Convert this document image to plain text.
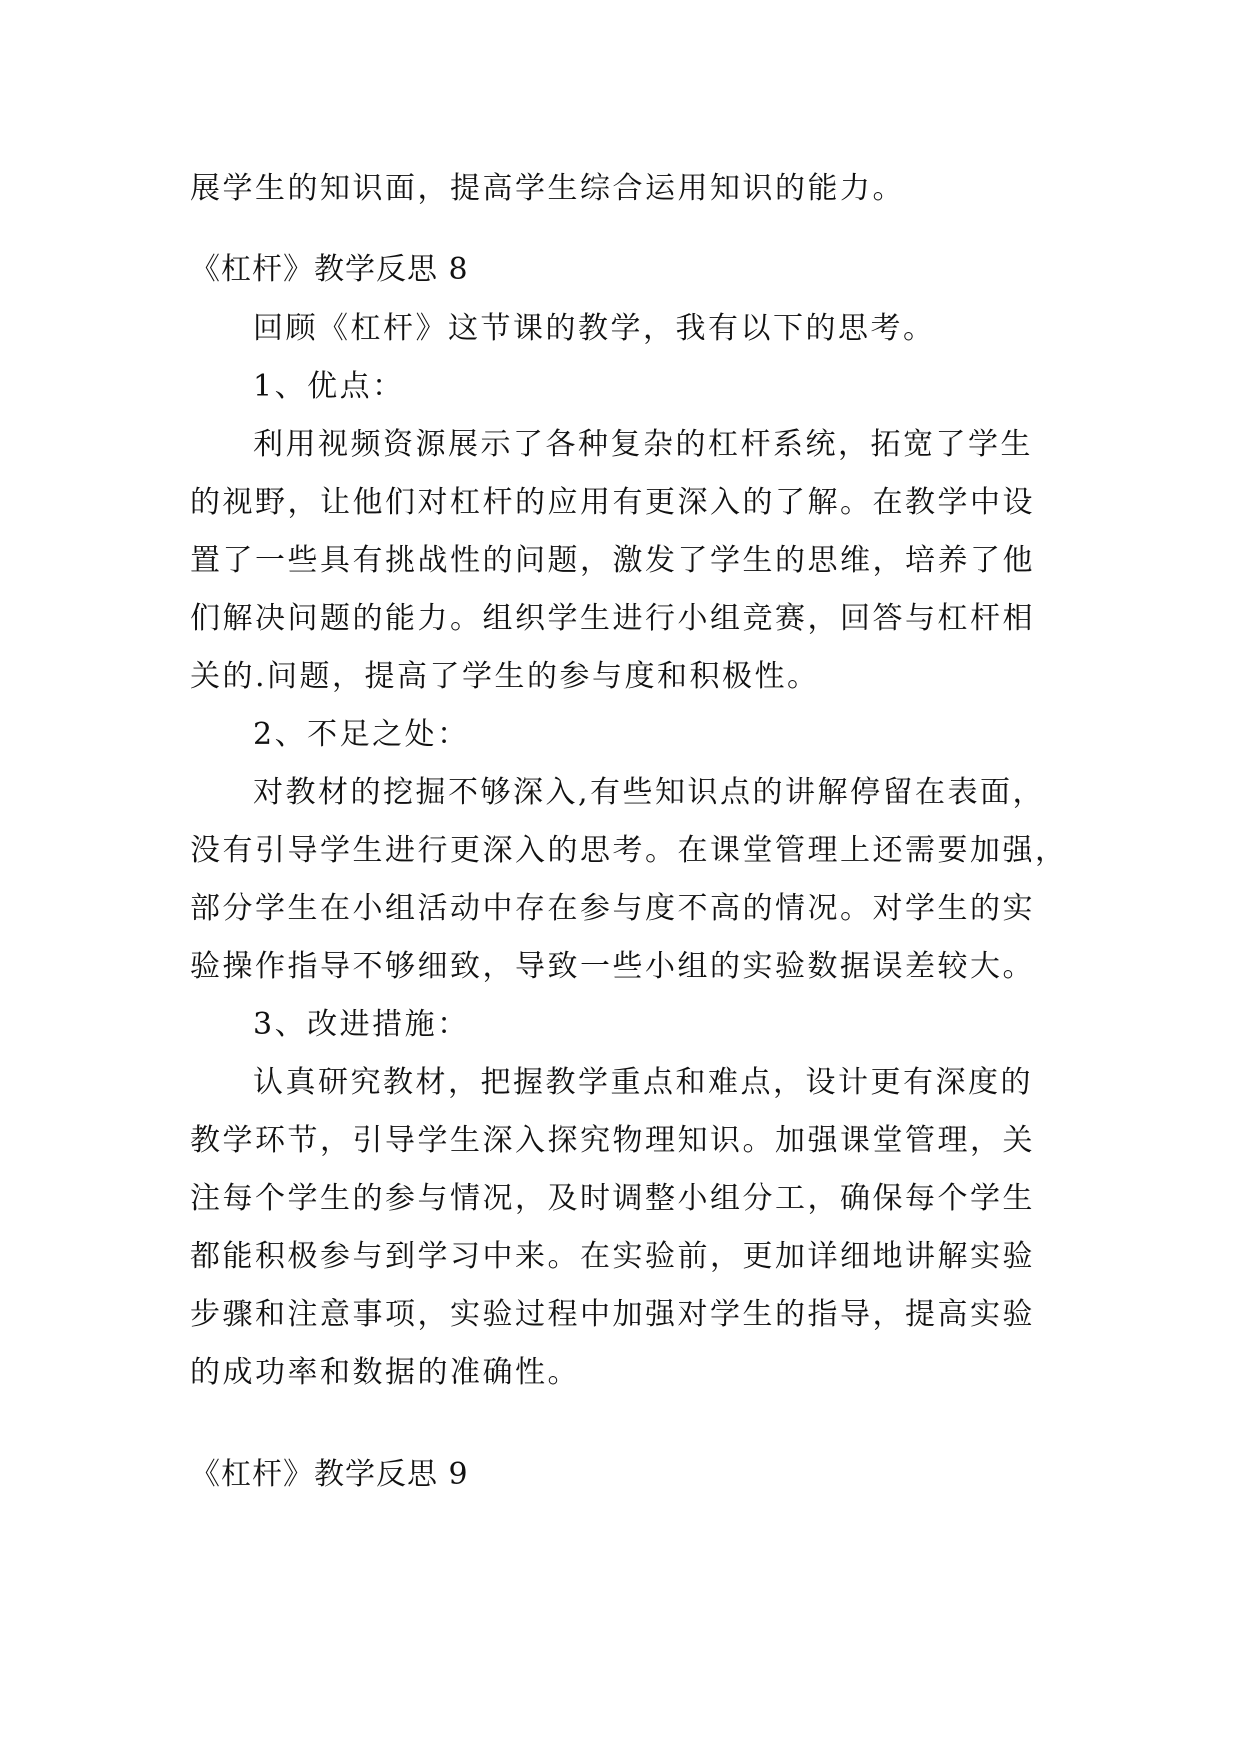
展学生的知识面，提高学生综合运用知识的能力。

《杠杆》教学反思 8

回顾《杠杆》这节课的教学，我有以下的思考。

1、优点：

利用视频资源展示了各种复杂的杠杆系统，拓宽了学生

的视野，让他们对杠杆的应用有更深入的了解。在教学中设

置了一些具有挑战性的问题，激发了学生的思维，培养了他

们解决问题的能力。组织学生进行小组竞赛，回答与杠杆相

关的.问题，提高了学生的参与度和积极性。

2、不足之处：

对教材的挖掘不够深入,有些知识点的讲解停留在表面，

没有引导学生进行更深入的思考。在课堂管理上还需要加强，

部分学生在小组活动中存在参与度不高的情况。对学生的实

验操作指导不够细致，导致一些小组的实验数据误差较大。

3、改进措施：

认真研究教材，把握教学重点和难点，设计更有深度的

教学环节，引导学生深入探究物理知识。加强课堂管理，关

注每个学生的参与情况，及时调整小组分工，确保每个学生

都能积极参与到学习中来。在实验前，更加详细地讲解实验

步骤和注意事项，实验过程中加强对学生的指导，提高实验

的成功率和数据的准确性。

《杠杆》教学反思 9
